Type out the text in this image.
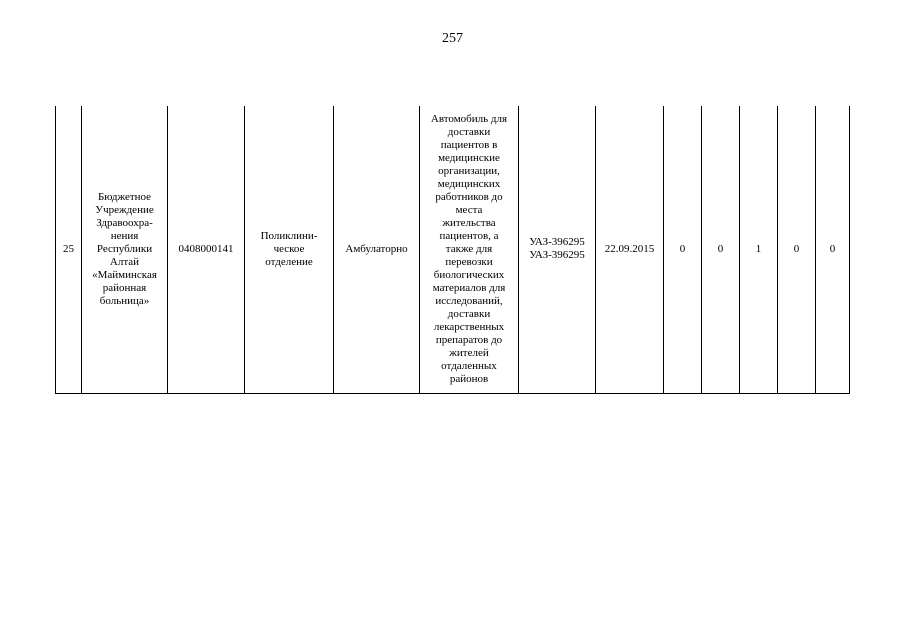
257
25	Бюджетное
Учреждение
Здравоохра-
нения
Республики
Алтай
«Майминская
районная
больница»	0408000141	Поликлини-
ческое
отделение	Амбулаторно	Автомобиль для
доставки
пациентов в
медицинские
организации,
медицинских
работников до
места
жительства
пациентов, а
также для
перевозки
биологических
материалов для
исследований,
доставки
лекарственных
препаратов до
жителей
отдаленных
районов	УАЗ-396295
УАЗ-396295	22.09.2015	0	0	1	0	0
